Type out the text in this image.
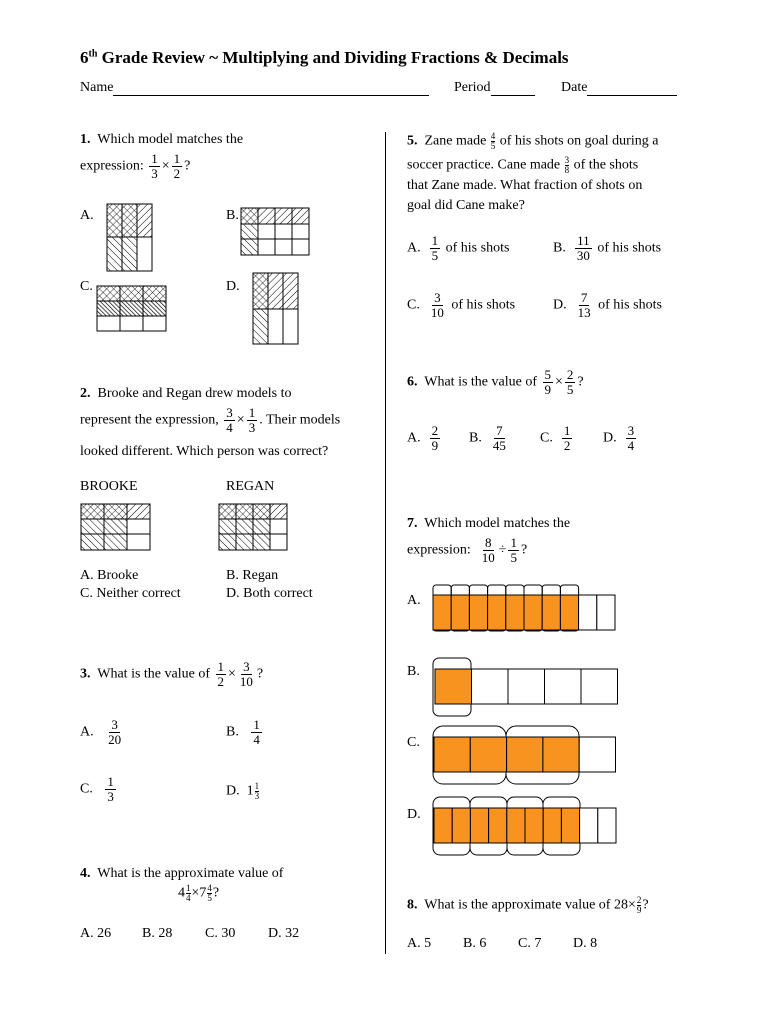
6th Grade Review ~ Multiplying and Dividing Fractions & Decimals
Name	Period	Date
1. Which model matches the
expression: $\frac{1}{3} \times \frac{1}{2}$ ?
A.	B.
C.	D.
2. Brooke and Regan drew models to
represent the expression, $\frac{3}{4} \times \frac{1}{3}$ . Their models
looked different. Which person was correct?
BROOKE	REGAN
A. Brooke	B. Regan
C. Neither correct	D. Both correct
3. What is the value of $\frac{1}{2} \times \frac{3}{10}$ ?
A. $\frac{3}{20}$	B. $\frac{1}{4}$
C. $\frac{1}{3}$	D. $1 \frac{1}{3}$
4. What is the approximate value of
$4 \frac{1}{4} \times 7 \frac{4}{5}$ ?
A. 26 B. 28 C. 30 D. 32
5. Zane made $\frac{4}{5}$ of his shots on goal during a
soccer practice. Cane made $\frac{3}{8}$ of the shots
that Zane made. What fraction of shots on
goal did Cane make?
A. $\frac{1}{5}$ of his shots	B. $\frac{11}{30}$ of his shots
C. $\frac{3}{10}$ of his shots	D. $\frac{7}{13}$ of his shots
6. What is the value of $\frac{5}{9} \times \frac{2}{5}$ ?
A. $\frac{2}{9} B$. $\frac{7}{45} C$. $\frac{1}{2} D$. $\frac{3}{4}$
7. Which model matches the
expression: $\frac{8}{10} \div \frac{1}{5}$ ?
A.
B.
C.
D.
8. What is the approximate value of $28\times \frac{2}{9}$ ?
A. 5 B. 6 C. 7 D. 8
